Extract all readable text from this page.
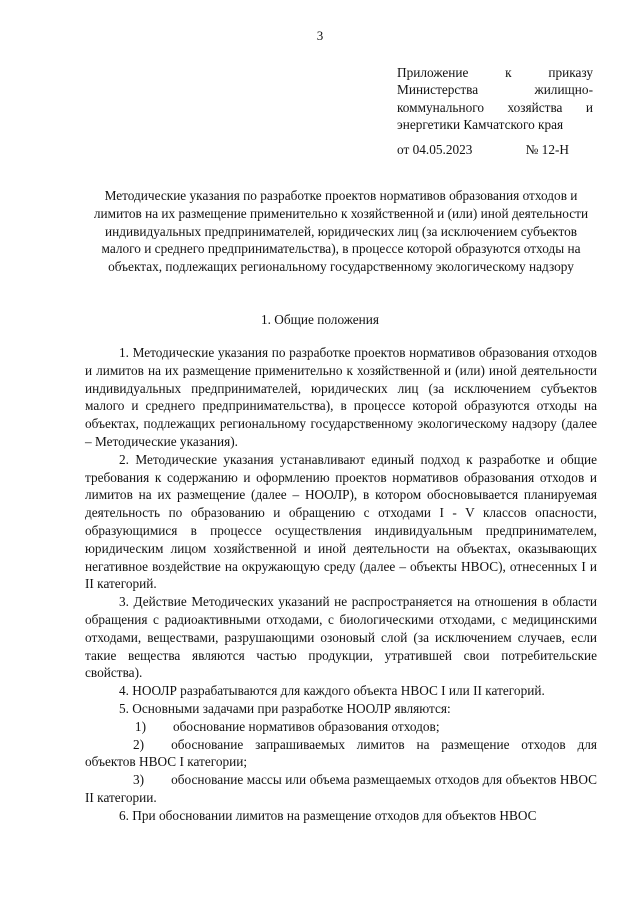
3
Приложение к приказу
Министерства жилищно-
коммунального хозяйства и
энергетики Камчатского края
от 04.05.2023	№ 12-Н
Методические указания по разработке проектов нормативов образования отходов и лимитов на их размещение применительно к хозяйственной и (или) иной деятельности индивидуальных предпринимателей, юридических лиц (за исключением субъектов малого и среднего предпринимательства), в процессе которой образуются отходы на объектах, подлежащих региональному государственному экологическому надзору
1. Общие положения

1. Методические указания по разработке проектов нормативов образования отходов и лимитов на их размещение применительно к хозяйственной и (или) иной деятельности индивидуальных предпринимателей, юридических лиц (за исключением субъектов малого и среднего предпринимательства), в процессе которой образуются отходы на объектах, подлежащих региональному государственному экологическому надзору (далее – Методические указания).

2. Методические указания устанавливают единый подход к разработке и общие требования к содержанию и оформлению проектов нормативов образования отходов и лимитов на их размещение (далее – НООЛР), в котором обосновывается планируемая деятельность по образованию и обращению с отходами I - V классов опасности, образующимися в процессе осуществления индивидуальным предпринимателем, юридическим лицом хозяйственной и иной деятельности на объектах, оказывающих негативное воздействие на окружающую среду (далее – объекты НВОС), отнесенных I и II категорий.

3. Действие Методических указаний не распространяется на отношения в области обращения с радиоактивными отходами, с биологическими отходами, с медицинскими отходами, веществами, разрушающими озоновый слой (за исключением случаев, если такие вещества являются частью продукции, утратившей свои потребительские свойства).

4. НООЛР разрабатываются для каждого объекта НВОС I или II категорий.

5. Основными задачами при разработке НООЛР являются:

1)	обоснование нормативов образования отходов;

2) обоснование запрашиваемых лимитов на размещение отходов для объектов НВОС I категории;

3) обоснование массы или объема размещаемых отходов для объектов НВОС II категории.

6. При обосновании лимитов на размещение отходов для объектов НВОС
